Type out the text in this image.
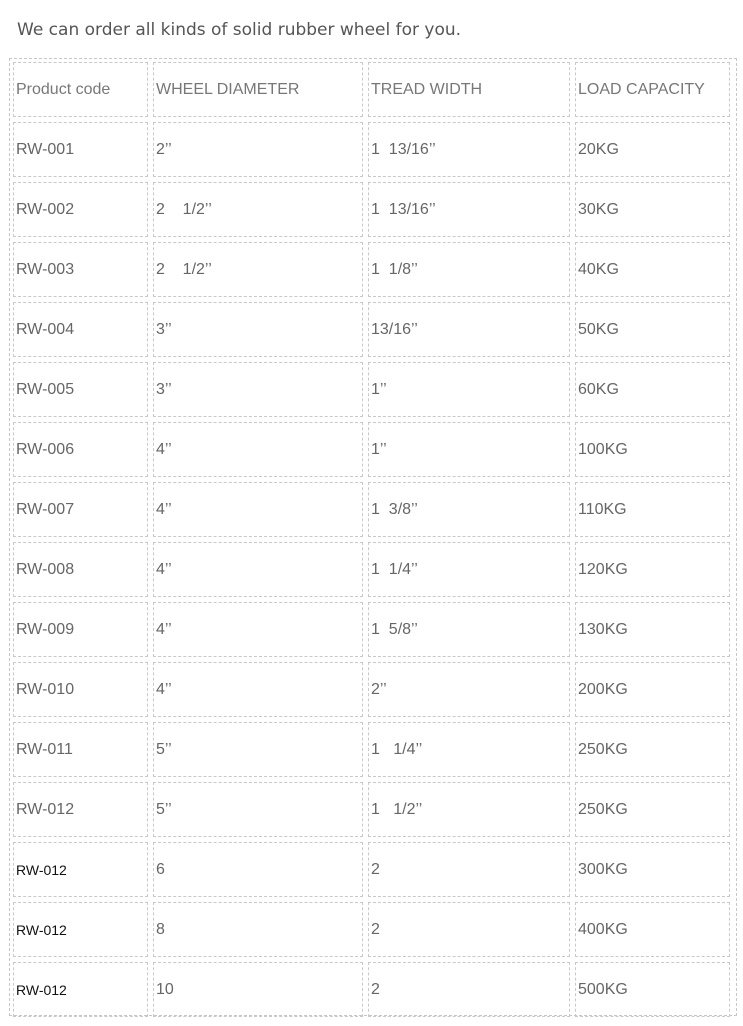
We can order all kinds of solid rubber wheel for you.
Product code	WHEEL DIAMETER	TREAD WIDTH	LOAD CAPACITY
RW-001	2’’	1  13/16’’	20KG
RW-002	2    1/2’’	1  13/16’’	30KG
RW-003	2    1/2’’	1  1/8’’	40KG
RW-004	3’’	13/16’’	50KG
RW-005	3’’	1’’	60KG
RW-006	4’’	1’’	100KG
RW-007	4’’	1  3/8’’	110KG
RW-008	4’’	1  1/4’’	120KG
RW-009	4’’	1  5/8’’	130KG
RW-010	4’’	2’’	200KG
RW-011	5’’	1   1/4’’	250KG
RW-012	5’’	1   1/2’’	250KG
RW-012	6	2	300KG
RW-012	8	2	400KG
RW-012	10	2	500KG
